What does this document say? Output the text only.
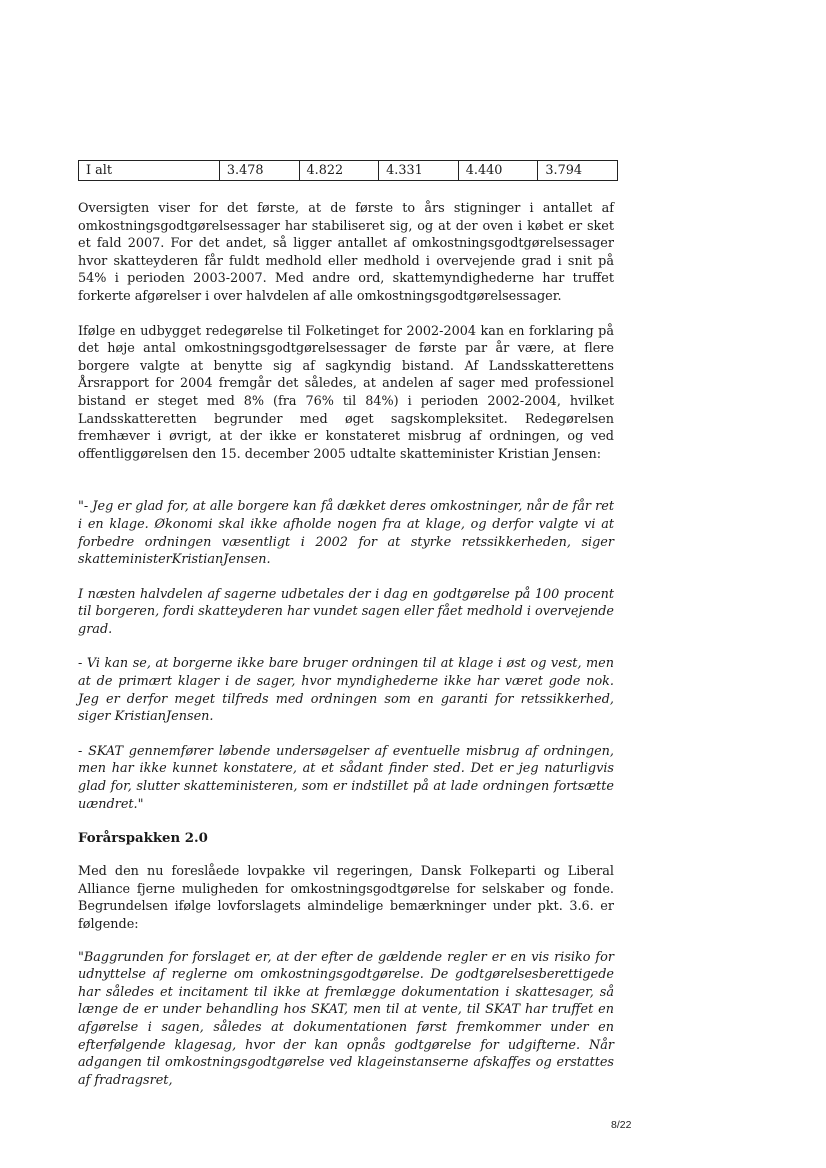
I alt	3.478	4.822	4.331	4.440	3.794

Oversigten viser for det første, at de første to års stigninger i antallet af omkostningsgodtgørelsessager har stabiliseret sig, og at der oven i købet er sket et fald 2007. For det andet, så ligger antallet af omkostningsgodtgørelsessager hvor skatteyderen får fuldt medhold eller medhold i overvejende grad i snit på 54% i perioden 2003-2007. Med andre ord, skattemyndighederne har truffet forkerte afgørelser i over halvdelen af alle omkostningsgodtgørelsessager.

Ifølge en udbygget redegørelse til Folketinget for 2002-2004 kan en forklaring på det høje antal omkostningsgodtgørelsessager de første par år være, at flere borgere valgte at benytte sig af sagkyndig bistand. Af Landsskatterettens Årsrapport for 2004 fremgår det således, at andelen af sager med professionel bistand er steget med 8% (fra 76% til 84%) i perioden 2002-2004, hvilket Landsskatteretten begrunder med øget sagskompleksitet. Redegørelsen fremhæver i øvrigt, at der ikke er konstateret misbrug af ordningen, og ved offentliggørelsen den 15. december 2005 udtalte skatteminister Kristian Jensen:

"- Jeg er glad for, at alle borgere kan få dækket deres omkostninger, når de får ret i en klage. Økonomi skal ikke afholde nogen fra at klage, og derfor valgte vi at forbedre ordningen væsentligt i 2002 for at styrke retssikkerheden, siger skatteministerKristianJensen.

I næsten halvdelen af sagerne udbetales der i dag en godtgørelse på 100 procent til borgeren, fordi skatteyderen har vundet sagen eller fået medhold i overvejende grad.

- Vi kan se, at borgerne ikke bare bruger ordningen til at klage i øst og vest, men at de primært klager i de sager, hvor myndighederne ikke har været gode nok. Jeg er derfor meget tilfreds med ordningen som en garanti for retssikkerhed, siger KristianJensen.

- SKAT gennemfører løbende undersøgelser af eventuelle misbrug af ordningen, men har ikke kunnet konstatere, at et sådant finder sted. Det er jeg naturligvis glad for, slutter skatteministeren, som er indstillet på at lade ordningen fortsætte uændret."

Forårspakken 2.0

Med den nu foreslåede lovpakke vil regeringen, Dansk Folkeparti og Liberal Alliance fjerne muligheden for omkostningsgodtgørelse for selskaber og fonde. Begrundelsen ifølge lovforslagets almindelige bemærkninger under pkt. 3.6. er følgende:

"Baggrunden for forslaget er, at der efter de gældende regler er en vis risiko for udnyttelse af reglerne om omkostningsgodtgørelse. De godtgørelsesberettigede har således et incitament til ikke at fremlægge dokumentation i skattesager, så længe de er under behandling hos SKAT, men til at vente, til SKAT har truffet en afgørelse i sagen, således at dokumentationen først fremkommer under en efterfølgende klagesag, hvor der kan opnås godtgørelse for udgifterne. Når adgangen til omkostningsgodtgørelse ved klageinstanserne afskaffes og erstattes af fradragsret,

8/22
